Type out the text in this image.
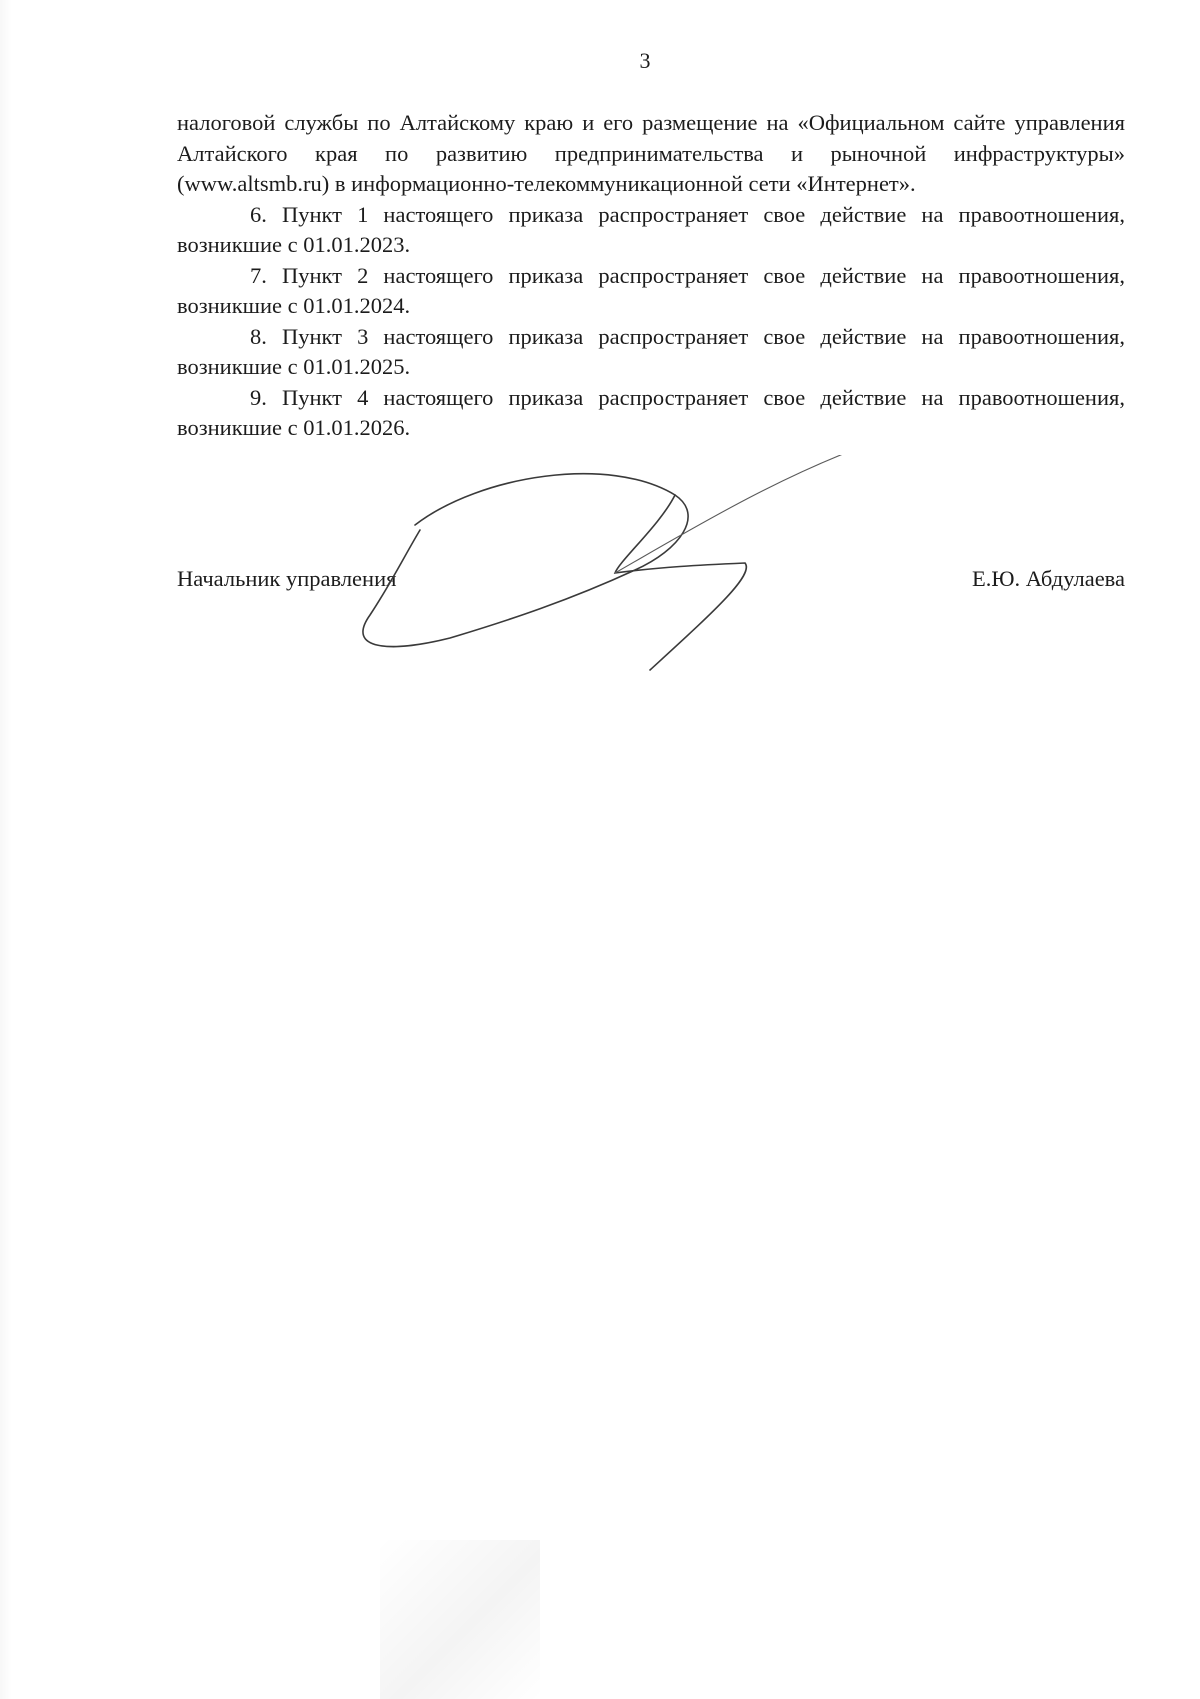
3

налоговой службы по Алтайскому краю и его размещение на «Официальном сайте управления Алтайского края по развитию предпринимательства и рыночной инфраструктуры» (www.altsmb.ru) в информационно-телекоммуникационной сети «Интернет».

6. Пункт 1 настоящего приказа распространяет свое действие на правоотношения, возникшие с 01.01.2023.

7. Пункт 2 настоящего приказа распространяет свое действие на правоотношения, возникшие с 01.01.2024.

8. Пункт 3 настоящего приказа распространяет свое действие на правоотношения, возникшие с 01.01.2025.

9. Пункт 4 настоящего приказа распространяет свое действие на правоотношения, возникшие с 01.01.2026.

Начальник управления	Е.Ю. Абдулаева
